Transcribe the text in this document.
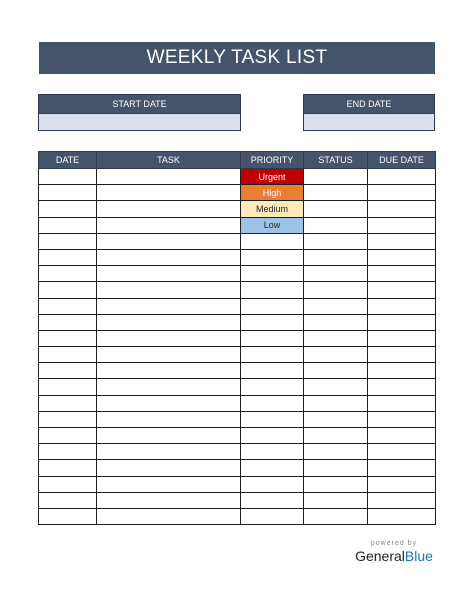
WEEKLY TASK LIST
START DATE	END DATE
DATE	TASK	PRIORITY	STATUS	DUE DATE
		Urgent		
		High		
		Medium		
		Low		

powered by
GeneralBlue
